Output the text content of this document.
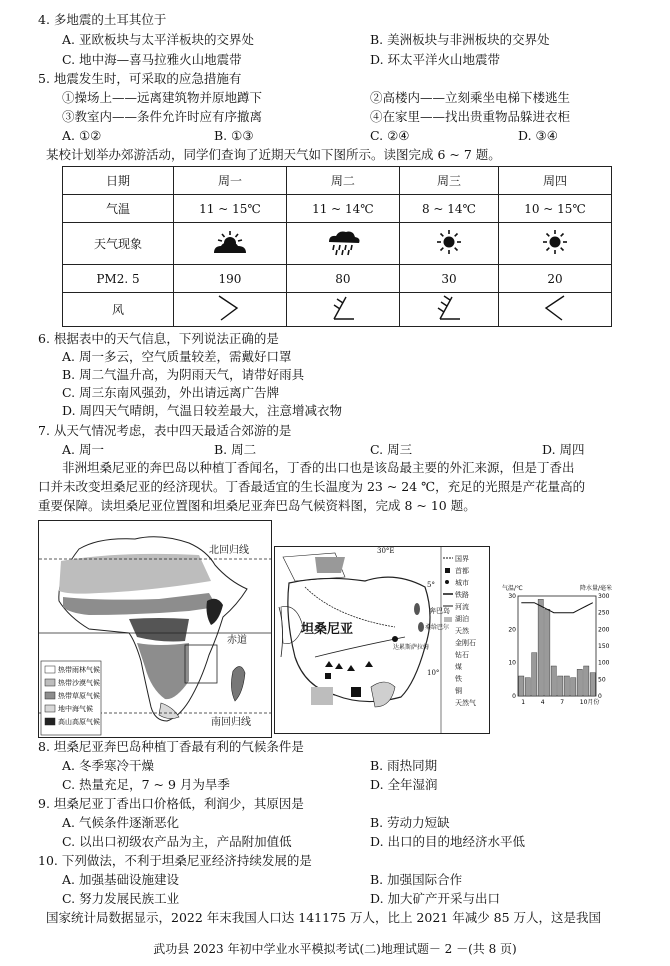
4. 多地震的土耳其位于
A. 亚欧板块与太平洋板块的交界处	B. 美洲板块与非洲板块的交界处
C. 地中海—喜马拉雅火山地震带	D. 环太平洋火山地震带
5. 地震发生时，可采取的应急措施有
①操场上——远离建筑物并原地蹲下	②高楼内——立刻乘坐电梯下楼逃生
③教室内——条件允许时应有序撤离	④在家里——找出贵重物品躲进衣柜
A. ①②	B. ①③	C. ②④	D. ③④
某校计划举办郊游活动，同学们查询了近期天气如下图所示。读图完成 6 ~ 7 题。
日期	周一	周二	周三	周四
气温	11 ~ 15℃	11 ~ 14℃	8 ~ 14℃	10 ~ 15℃
天气现象				
PM2. 5	190	80	30	20
风				
6. 根据表中的天气信息，下列说法正确的是
A. 周一多云，空气质量较差，需戴好口罩
B. 周二气温升高，为阴雨天气，请带好雨具
C. 周三东南风强劲，外出请远离广告牌
D. 周四天气晴朗，气温日较差最大，注意增减衣物
7. 从天气情况考虑，表中四天最适合郊游的是
A. 周一	B. 周二	C. 周三	D. 周四
非洲坦桑尼亚的奔巴岛以种植丁香闻名，丁香的出口也是该岛最主要的外汇来源，但是丁香出
口并未改变坦桑尼亚的经济现状。丁香最适宜的生长温度为 23 ~ 24 ℃，充足的光照是产花量高的
重要保障。读坦桑尼亚位置图和坦桑尼亚奔巴岛气候资料图，完成 8 ~ 10 题。
北回归线
赤道
南回归线
热带雨林气候
热带沙漠气候
热带草原气候
地中海气候
高山高原气候
30°E
坦桑尼亚
奔巴岛
桑给巴尔
达累斯萨拉姆
5°
10°
国界
首都
城市
铁路
河流
湖泊
天然
金刚石
钻石
煤
铁
铜
天然气
气温/℃	降水量/毫米
30
20
10
0
300
250
200
150
100
50
0
1	4	7	10月份
8. 坦桑尼亚奔巴岛种植丁香最有利的气候条件是
A. 冬季寒冷干燥	B. 雨热同期
C. 热量充足，7 ~ 9 月为旱季	D. 全年湿润
9. 坦桑尼亚丁香出口价格低，利润少，其原因是
A. 气候条件逐渐恶化	B. 劳动力短缺
C. 以出口初级农产品为主，产品附加值低	D. 出口的目的地经济水平低
10. 下列做法，不利于坦桑尼亚经济持续发展的是
A. 加强基础设施建设	B. 加强国际合作
C. 努力发展民族工业	D. 加大矿产开采与出口
国家统计局数据显示，2022 年末我国人口达 141175 万人，比上 2021 年减少 85 万人，这是我国
武功县 2023 年初中学业水平模拟考试(二)地理试题－ 2 －(共 8 页)
